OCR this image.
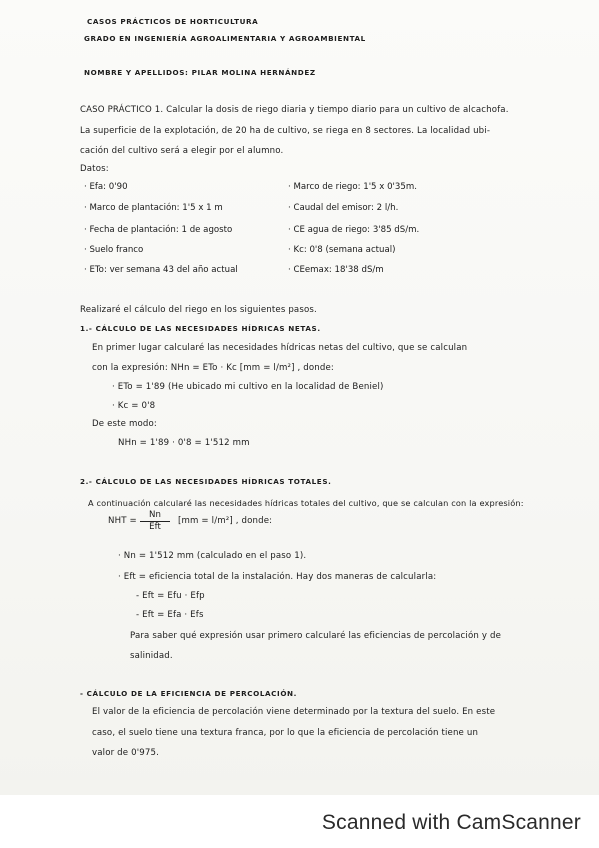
CASOS PRÁCTICOS DE HORTICULTURA
GRADO EN INGENIERÍA AGROALIMENTARIA Y AGROAMBIENTAL
NOMBRE Y APELLIDOS: PILAR MOLINA HERNÁNDEZ
CASO PRÁCTICO 1. Calcular la dosis de riego diaria y tiempo diario para un cultivo de alcachofa.
La superficie de la explotación, de 20 ha de cultivo, se riega en 8 sectores. La localidad ubi-
cación del cultivo será a elegir por el alumno.
Datos:
· Efa: 0'90
· Marco de plantación: 1'5 x 1 m
· Fecha de plantación: 1 de agosto
· Suelo franco
· ETo: ver semana 43 del año actual
· Marco de riego: 1'5 x 0'35m.
· Caudal del emisor: 2 l/h.
· CE agua de riego: 3'85 dS/m.
· Kc: 0'8 (semana actual)
· CEemax: 18'38 dS/m
Realizaré el cálculo del riego en los siguientes pasos.
1.- CÁLCULO DE LAS NECESIDADES HÍDRICAS NETAS.
En primer lugar calcularé las necesidades hídricas netas del cultivo, que se calculan
con la expresión: NHn = ETo · Kc [mm = l/m²] , donde:
· ETo = 1'89 (He ubicado mi cultivo en la localidad de Beniel)
· Kc = 0'8
De este modo:
NHn = 1'89 · 0'8 = 1'512 mm
2.- CÁLCULO DE LAS NECESIDADES HÍDRICAS TOTALES.
A continuación calcularé las necesidades hídricas totales del cultivo, que se calculan con la expresión:
NHT =
Nn
Eft
[mm = l/m²] , donde:
· Nn = 1'512 mm (calculado en el paso 1).
· Eft = eficiencia total de la instalación. Hay dos maneras de calcularla:
- Eft = Efu · Efp
- Eft = Efa · Efs
Para saber qué expresión usar primero calcularé las eficiencias de percolación y de
salinidad.
- CÁLCULO DE LA EFICIENCIA DE PERCOLACIÓN.
El valor de la eficiencia de percolación viene determinado por la textura del suelo. En este
caso, el suelo tiene una textura franca, por lo que la eficiencia de percolación tiene un
valor de 0'975.
Scanned with CamScanner
